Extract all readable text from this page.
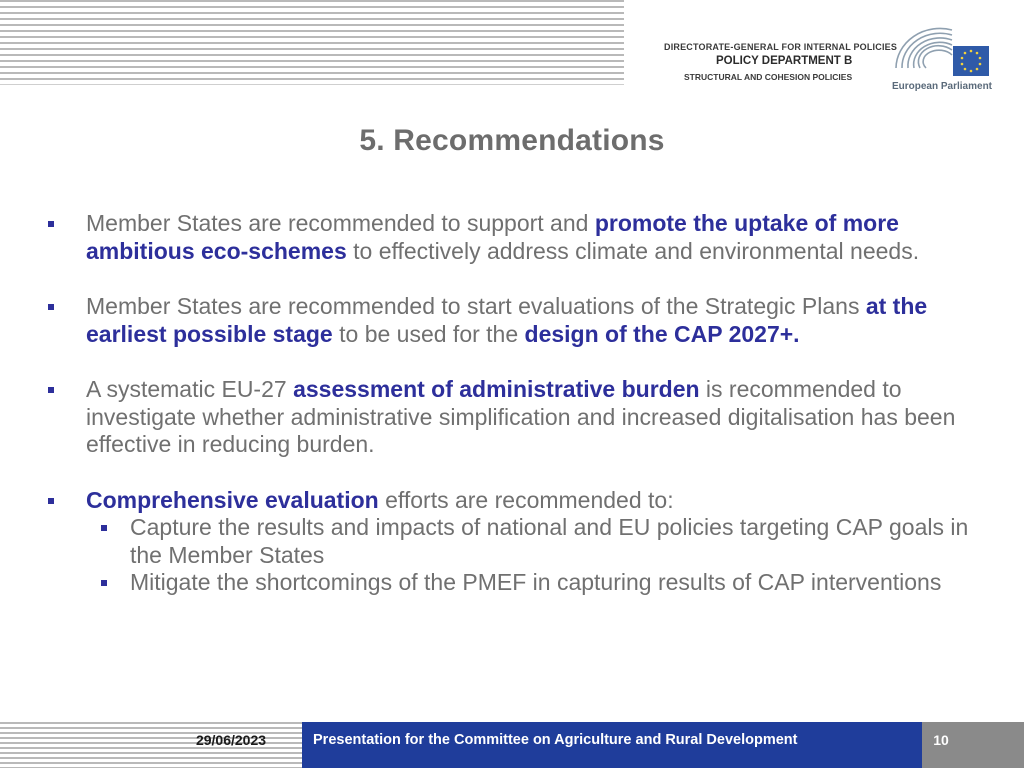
DIRECTORATE-GENERAL FOR INTERNAL POLICIES
POLICY DEPARTMENT B
STRUCTURAL AND COHESION POLICIES
European Parliament
5. Recommendations
Member States are recommended to support and promote the uptake of more ambitious eco-schemes to effectively address climate and environmental needs.
Member States are recommended to start evaluations of the Strategic Plans at the earliest possible stage to be used for the design of the CAP 2027+.
A systematic EU-27 assessment of administrative burden is recommended to investigate whether administrative simplification and increased digitalisation has been effective in reducing burden.
Comprehensive evaluation efforts are recommended to:
Capture the results and impacts of national and EU policies targeting CAP goals in the Member States
Mitigate the shortcomings of the PMEF in capturing results of CAP interventions
29/06/2023	Presentation for the Committee on Agriculture and Rural Development	10
